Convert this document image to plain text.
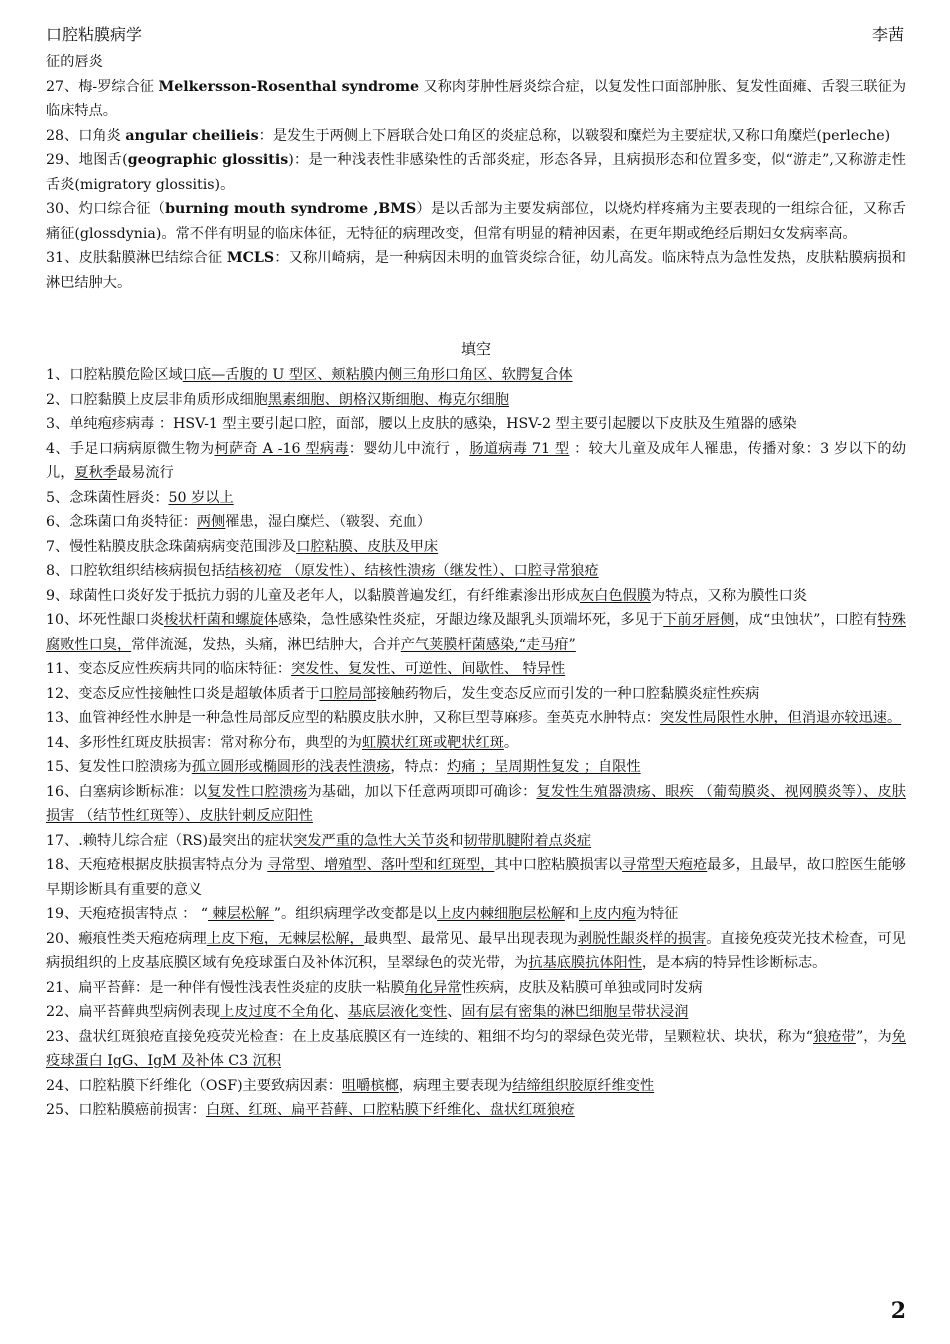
口腔粘膜病学	李茜

征的唇炎

27、梅-罗综合征 Melkersson-Rosenthal syndrome 又称肉芽肿性唇炎综合症，以复发性口面部肿胀、复发性面瘫、舌裂三联征为临床特点。

28、口角炎 angular cheilieis：是发生于两侧上下唇联合处口角区的炎症总称，以皲裂和糜烂为主要症状,又称口角糜烂(perleche)

29、地图舌(geographic glossitis)：是一种浅表性非感染性的舌部炎症，形态各异，且病损形态和位置多变，似“游走”,又称游走性舌炎(migratory glossitis)。

30、灼口综合征（burning mouth syndrome ,BMS）是以舌部为主要发病部位，以烧灼样疼痛为主要表现的一组综合征，又称舌痛征(glossdynia)。常不伴有明显的临床体征，无特征的病理改变，但常有明显的精神因素，在更年期或绝经后期妇女发病率高。

31、皮肤黏膜淋巴结综合征 MCLS：又称川崎病，是一种病因未明的血管炎综合征，幼儿高发。临床特点为急性发热，皮肤粘膜病损和淋巴结肿大。

填空

1、口腔粘膜危险区域口底—舌腹的 U 型区、颊粘膜内侧三角形口角区、软腭复合体

2、口腔黏膜上皮层非角质形成细胞黑素细胞、朗格汉斯细胞、梅克尔细胞

3、单纯疱疹病毒 ：HSV-1 型主要引起口腔，面部，腰以上皮肤的感染，HSV-2 型主要引起腰以下皮肤及生殖器的感染

4、手足口病病原微生物为柯萨奇 A -16 型病毒：婴幼儿中流行 ，肠道病毒 71 型 ：较大儿童及成年人罹患，传播对象：3 岁以下的幼儿，夏秋季最易流行

5、念珠菌性唇炎：50 岁以上

6、念珠菌口角炎特征：两侧罹患，湿白糜烂、（皲裂、充血）

7、慢性粘膜皮肤念珠菌病病变范围涉及口腔粘膜、皮肤及甲床

8、口腔软组织结核病损包括结核初疮 （原发性）、结核性溃疡（继发性）、口腔寻常狼疮

9、球菌性口炎好发于抵抗力弱的儿童及老年人，以黏膜普遍发红，有纤维素渗出形成灰白色假膜为特点，又称为膜性口炎

10、坏死性龈口炎梭状杆菌和螺旋体感染，急性感染性炎症，牙龈边缘及龈乳头顶端坏死，多见于下前牙唇侧，成“虫蚀状”，口腔有特殊腐败性口臭，常伴流涎，发热，头痛，淋巴结肿大，合并产气荚膜杆菌感染,“走马疳”

11、变态反应性疾病共同的临床特征：突发性、复发性、可逆性、间歇性、 特异性

12、变态反应性接触性口炎是超敏体质者于口腔局部接触药物后，发生变态反应而引发的一种口腔黏膜炎症性疾病

13、血管神经性水肿是一种急性局部反应型的粘膜皮肤水肿，又称巨型荨麻疹。奎英克水肿特点：突发性局限性水肿，但消退亦较迅速。

14、多形性红斑皮肤损害：常对称分布，典型的为虹膜状红斑或靶状红斑。

15、复发性口腔溃疡为孤立圆形或椭圆形的浅表性溃疡，特点：灼痛 ；呈周期性复发 ；自限性

16、白塞病诊断标准：以复发性口腔溃疡为基础，加以下任意两项即可确诊：复发性生殖器溃疡、眼疾 （葡萄膜炎、视网膜炎等）、皮肤损害 （结节性红斑等）、皮肤针刺反应阳性

17、.赖特儿综合症（RS)最突出的症状突发严重的急性大关节炎和韧带肌腱附着点炎症

18、天疱疮根据皮肤损害特点分为 寻常型、增殖型、落叶型和红斑型，其中口腔粘膜损害以寻常型天疱疮最多，且最早，故口腔医生能够早期诊断具有重要的意义

19、天疱疮损害特点 ： “ 棘层松解 ”。组织病理学改变都是以上皮内棘细胞层松解和上皮内疱为特征

20、瘢痕性类天疱疮病理上皮下疱，无棘层松解，最典型、最常见、最早出现表现为剥脱性龈炎样的损害。直接免疫荧光技术检查，可见病损组织的上皮基底膜区域有免疫球蛋白及补体沉积，呈翠绿色的荧光带，为抗基底膜抗体阳性，是本病的特异性诊断标志。

21、扁平苔藓：是一种伴有慢性浅表性炎症的皮肤一粘膜角化异常性疾病，皮肤及粘膜可单独或同时发病

22、扁平苔藓典型病例表现上皮过度不全角化、基底层液化变性、固有层有密集的淋巴细胞呈带状浸润

23、盘状红斑狼疮直接免疫荧光检查：在上皮基底膜区有一连续的、粗细不均匀的翠绿色荧光带，呈颗粒状、块状，称为“狼疮带”，为免疫球蛋白 IgG、IgM 及补体 C3 沉积

24、口腔粘膜下纤维化（OSF)主要致病因素：咀嚼槟榔，病理主要表现为结缔组织胶原纤维变性

25、口腔粘膜癌前损害：白斑、红斑、扁平苔藓、口腔粘膜下纤维化、盘状红斑狼疮

2
